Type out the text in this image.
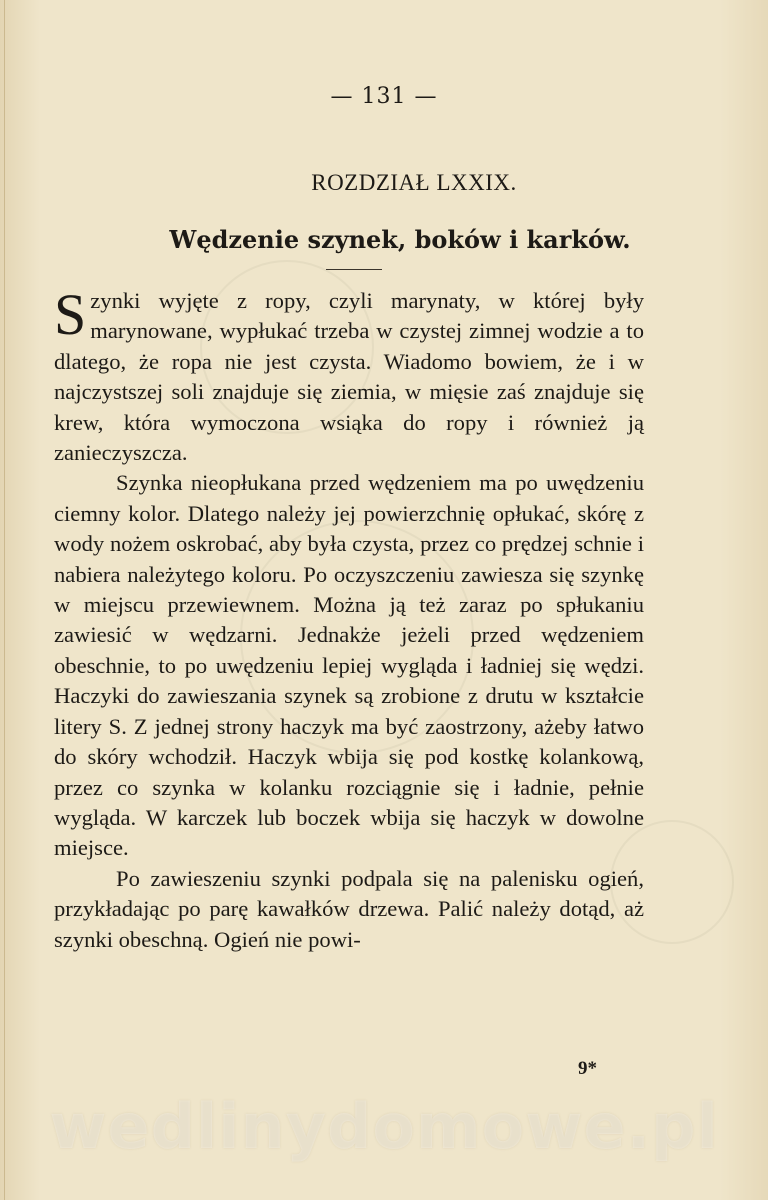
— 131 —
ROZDZIAŁ LXXIX.
Wędzenie szynek, boków i karków.

Szynki wyjęte z ropy, czyli marynaty, w której były marynowane, wypłukać trzeba w czystej zimnej wodzie a to dlatego, że ropa nie jest czysta. Wiadomo bowiem, że i w najczystszej soli znajduje się ziemia, w mięsie zaś znajduje się krew, która wymoczona wsiąka do ropy i również ją zanieczyszcza.

Szynka nieopłukana przed wędzeniem ma po uwędzeniu ciemny kolor. Dlatego należy jej powierzchnię opłukać, skórę z wody nożem oskrobać, aby była czysta, przez co prędzej schnie i nabiera należytego koloru. Po oczyszczeniu zawiesza się szynkę w miejscu przewiewnem. Można ją też zaraz po spłukaniu zawiesić w wędzarni. Jednakże jeżeli przed wędzeniem obeschnie, to po uwędzeniu lepiej wygląda i ładniej się wędzi. Haczyki do zawieszania szynek są zrobione z drutu w kształcie litery S. Z jednej strony haczyk ma być zaostrzony, ażeby łatwo do skóry wchodził. Haczyk wbija się pod kostkę kolankową, przez co szynka w kolanku rozciągnie się i ładnie, pełnie wygląda. W karczek lub boczek wbija się haczyk w dowolne miejsce.

Po zawieszeniu szynki podpala się na palenisku ogień, przykładając po parę kawałków drzewa. Palić należy dotąd, aż szynki obeschną. Ogień nie powi-

9*
wedlinydomowe.pl
